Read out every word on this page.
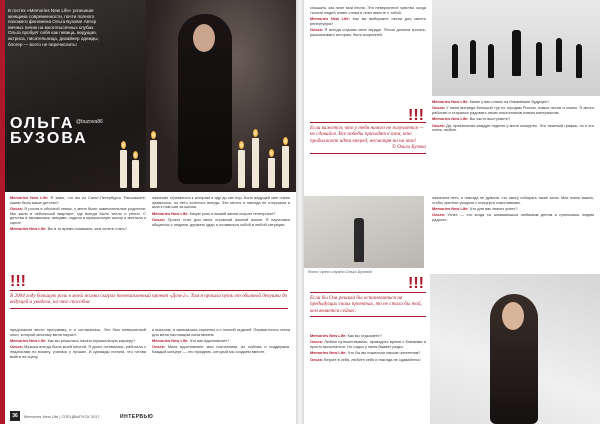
В гостях «Memories New Life» успешная женщина современности, почти полного похожего феномена Ольга Бузова! Автор яичных пенок на многотысячных клубах. Ольга пробует себя как певица, ведущая, актриса, писательница, дизайнер одежды, блогер — всего не перечислить!

ОЛЬГА
БУЗОВА
@buzova86

Memories New Life: Я знаю, что вы из Санкт-Петербурга. Расскажите, каким было ваше детство?

Ольга: Я росла в обычной семье, у меня были замечательные родители. Мы жили в небольшой квартире, где всегда было тепло и уютно. С детства я занималась танцами, ходила в музыкальную школу и мечтала о сцене.

Memories New Life: Вы в то время понимали, кем хотите стать?

начинает стремиться к которым я иду до сих пор. Быть ведущей мне очень нравилось, но петь хотелось всегда. Эти мечты я никогда не отпускала и шла к ним шаг за шагом.

Memories New Life: Какую роль в вашей жизни сыграл телепроект?

Ольга: Проект стал для меня огромной школой жизни. Я научилась общаться с людьми, держать удар и оставаться собой в любой ситуации.

!!!
В 2004 году большую роль в моей жизни сыграл телевизионный проект «Дом-2». Там я прошла путь от обычной девушки до ведущей и увидела, на что способна.

предложили вести программу, и я согласилась. Это был невероятный опыт, который многому меня научил.

Memories New Life: Как вы решились начать музыкальную карьеру?

Ольга: Музыка всегда была моей мечтой. Я долго готовилась, работала с педагогами по вокалу, училась у лучших. И однажды поняла, что готова выйти на сцену.

и вокалом, я занималась серьезно и с полной отдачей. Первая песня стала для меня настоящим испытанием.

Memories New Life: Что вас вдохновляет?

Ольга: Меня вдохновляют мои поклонники, их любовь и поддержка. Каждый концерт — это праздник, который мы создаем вместе.

36	Memories New Life | СПЕЦВЫПУСК 2017	ИНТЕРВЬЮ

слышать, как поют мои песни. Это невероятное чувство, когда тысячи людей знают слова и поют вместе с тобой.

Memories New Life: Как вы выбираете песни для своего репертуара?

Ольга: Я всегда слушаю свое сердце. Песня должна трогать, рассказывать историю, быть искренней.

!!!
Если кажется, что у тебя ничего не получается — не сдавайся. Все победы приходят к тем, кто продолжает идти вперед, несмотря ни на что!
© Ольга Бузова

Memories New Life: Какие у вас планы на ближайшее будущее?

Ольга: У меня впереди большой тур по городам России, новые песни и клипы. Я много работаю и стараюсь радовать своих поклонников новым материалом.

Memories New Life: Вы часто выступаете?

Ольга: Да, практически каждую неделю у меня концерты. Это тяжелый график, но я его очень люблю.

Фото: пресс-служба Ольги Бузовой

начинала петь, я никогда не думала, что смогу собирать такие залы. Мне очень важно, чтобы зрители уходили с концерта счастливыми.

Memories New Life: Что для вас значит успех?

Ольга: Успех — это когда ты занимаешься любимым делом и приносишь людям радость.

!!!
Если бы Оля решила бы остановиться на предыдущих своих проектах, то не стала бы той, кем является сейчас.

Memories New Life: Как вы отдыхаете?

Ольга: Люблю путешествовать, проводить время с близкими и просто высыпаться. Но отдых у меня бывает редко.

Memories New Life: Что бы вы пожелали нашим читателям?

Ольга: Верьте в себя, любите себя и никогда не сдавайтесь!
